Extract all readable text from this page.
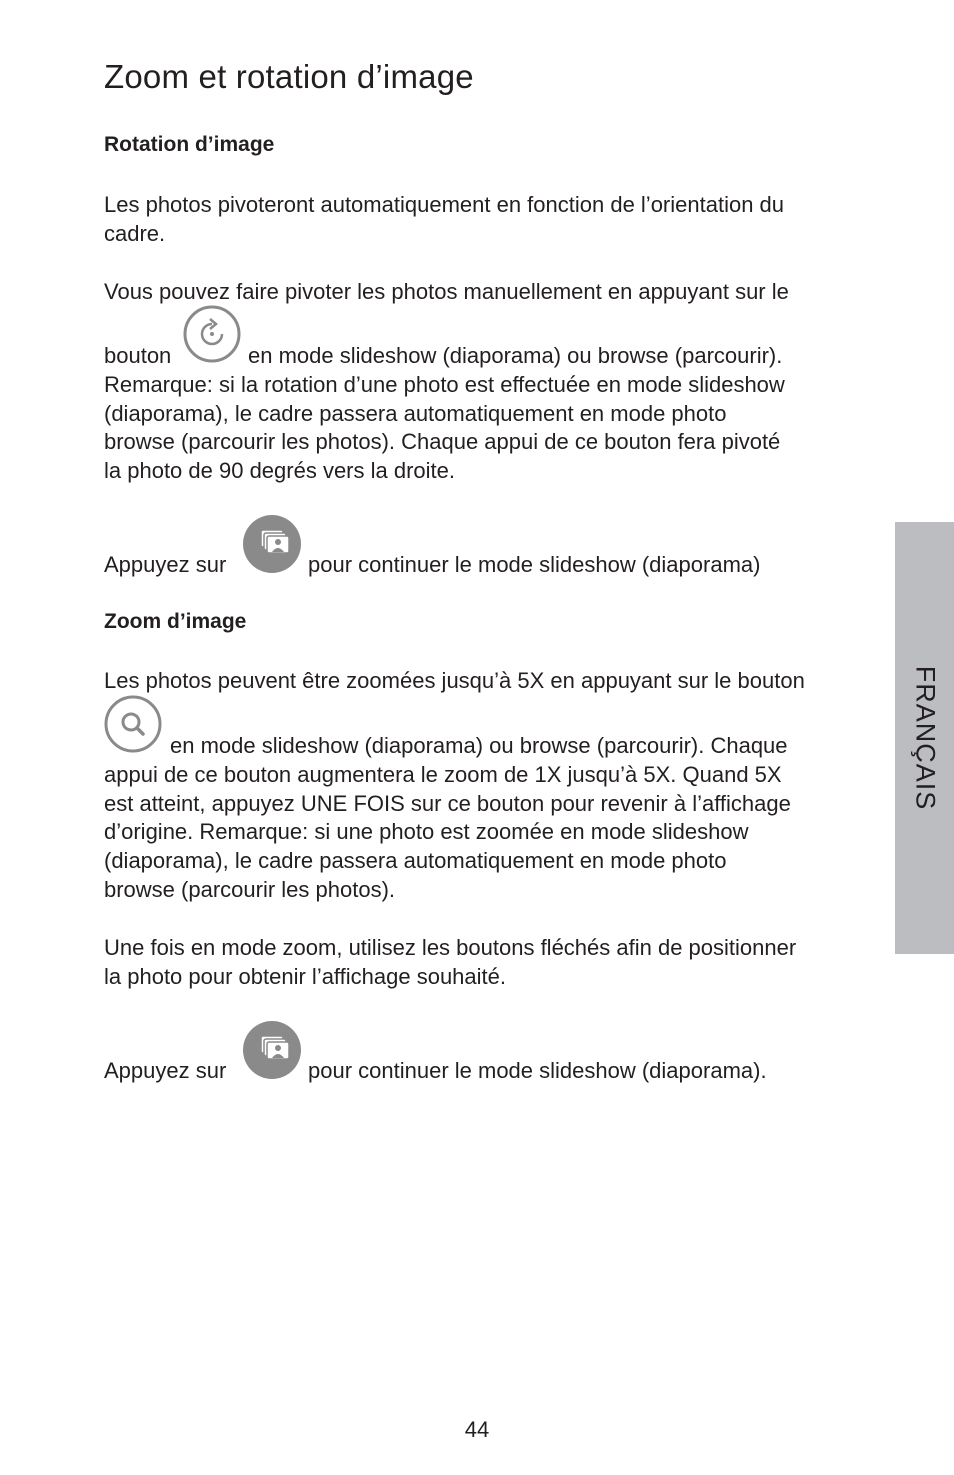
Zoom et rotation d’image
Rotation d’image
Les photos pivoteront automatiquement en fonction de l’orientation du
cadre.
Vous pouvez faire pivoter les photos manuellement en appuyant sur le
bouton	en mode slideshow (diaporama) ou browse (parcourir).
Remarque: si la rotation d’une photo est effectuée en mode slideshow
(diaporama), le cadre passera automatiquement en mode photo
browse (parcourir les photos). Chaque appui de ce bouton fera pivoté
la photo de 90 degrés vers la droite.
Appuyez sur	pour continuer le mode slideshow (diaporama)
Zoom d’image
Les photos peuvent être zoomées jusqu’à 5X en appuyant sur le bouton
en mode slideshow (diaporama) ou browse (parcourir). Chaque
appui de ce bouton augmentera le zoom de 1X jusqu’à 5X. Quand 5X
est atteint, appuyez UNE FOIS sur ce bouton pour revenir à l’affichage
d’origine. Remarque: si une photo est zoomée en mode slideshow
(diaporama), le cadre passera automatiquement en mode photo
browse (parcourir les photos).
Une fois en mode zoom, utilisez les boutons fléchés afin de positionner
la photo pour obtenir l’affichage souhaité.
Appuyez sur	pour continuer le mode slideshow (diaporama).
FRANÇAIS
44
